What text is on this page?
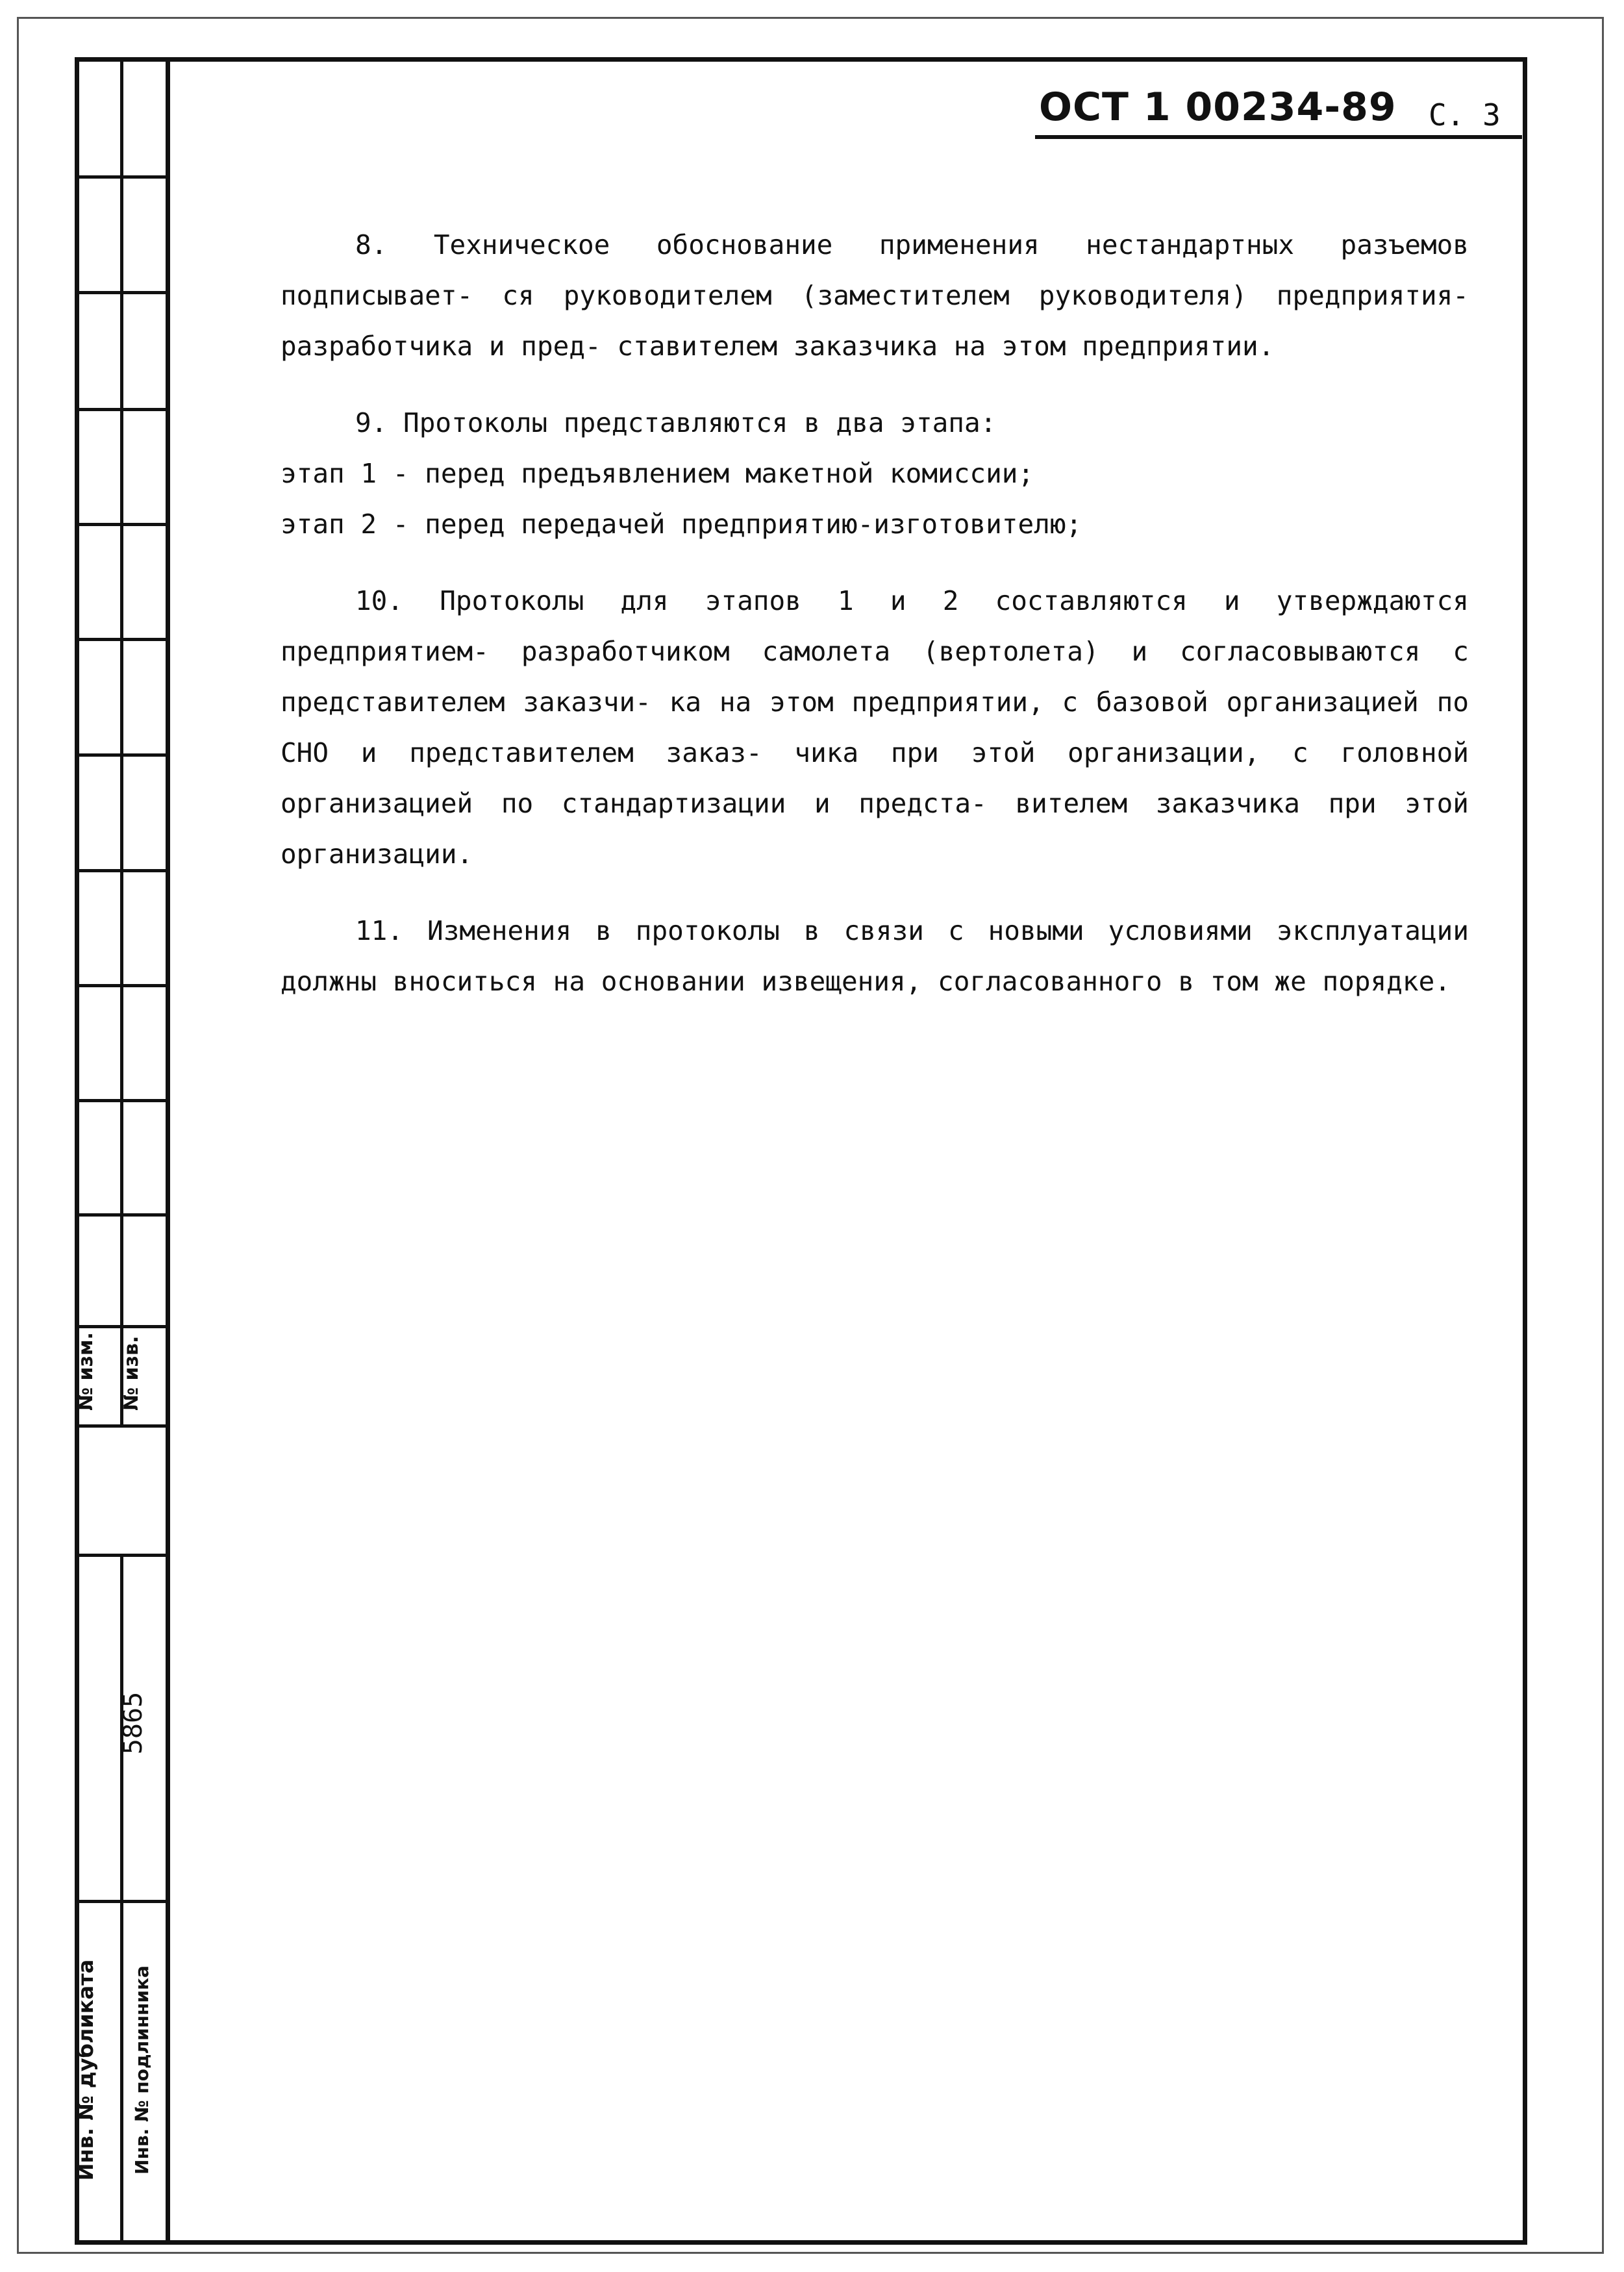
№ изм. № изв.
Инв. № дубликата Инв. № подлинника
5865
ОСТ 1 00234-89 С. 3

8. Техническое обоснование применения нестандартных разъемов подписывает- ся руководителем (заместителем руководителя) предприятия-разработчика и пред- ставителем заказчика на этом предприятии.

9. Протоколы представляются в два этапа:

этап 1 - перед предъявлением макетной комиссии;

этап 2 - перед передачей предприятию-изготовителю;

10. Протоколы для этапов 1 и 2 составляются и утверждаются предприятием- разработчиком самолета (вертолета) и согласовываются с представителем заказчи- ка на этом предприятии, с базовой организацией по СНО и представителем заказ- чика при этой организации, с головной организацией по стандартизации и предста- вителем заказчика при этой организации.

11. Изменения в протоколы в связи с новыми условиями эксплуатации должны вноситься на основании извещения, согласованного в том же порядке.
